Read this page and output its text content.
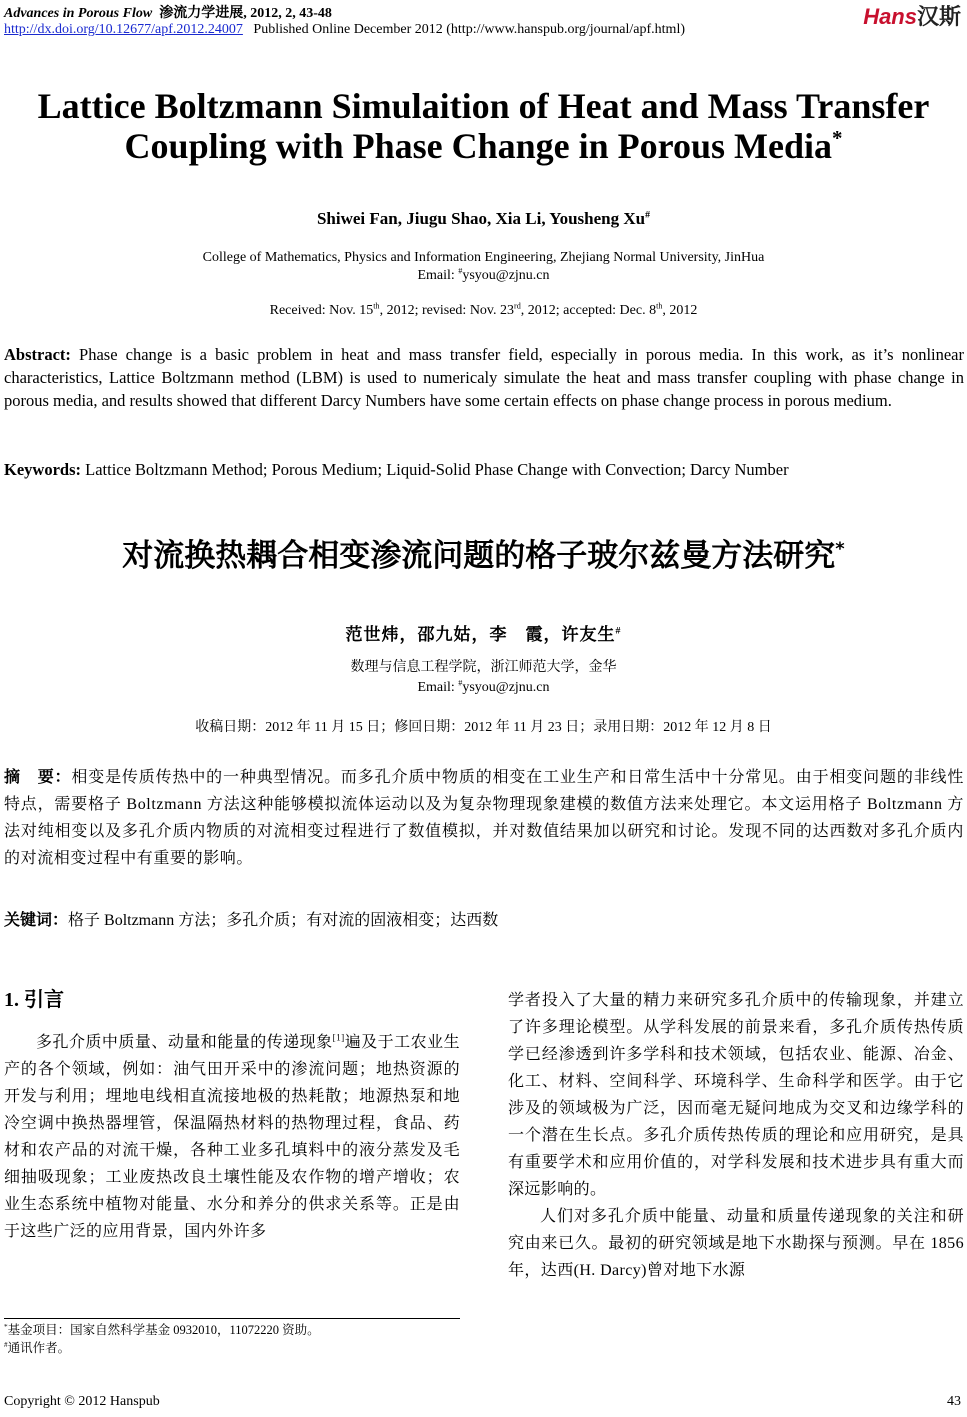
Advances in Porous Flow 渗流力学进展, 2012, 2, 43-48
http://dx.doi.org/10.12677/apf.2012.24007 Published Online December 2012 (http://www.hanspub.org/journal/apf.html)
Hans汉斯
Lattice Boltzmann Simulaition of Heat and Mass Transfer Coupling with Phase Change in Porous Media*
Shiwei Fan, Jiugu Shao, Xia Li, Yousheng Xu#
College of Mathematics, Physics and Information Engineering, Zhejiang Normal University, JinHua
Email: #ysyou@zjnu.cn
Received: Nov. 15th, 2012; revised: Nov. 23rd, 2012; accepted: Dec. 8th, 2012
Abstract: Phase change is a basic problem in heat and mass transfer field, especially in porous media. In this work, as it’s nonlinear characteristics, Lattice Boltzmann method (LBM) is used to numericaly simulate the heat and mass transfer coupling with phase change in porous media, and results showed that different Darcy Numbers have some certain effects on phase change process in porous medium.
Keywords: Lattice Boltzmann Method; Porous Medium; Liquid-Solid Phase Change with Convection; Darcy Number
对流换热耦合相变渗流问题的格子玻尔兹曼方法研究*
范世炜，邵九姑，李　霞，许友生#
数理与信息工程学院，浙江师范大学，金华
Email: #ysyou@zjnu.cn
收稿日期：2012 年 11 月 15 日；修回日期：2012 年 11 月 23 日；录用日期：2012 年 12 月 8 日
摘　要：相变是传质传热中的一种典型情况。而多孔介质中物质的相变在工业生产和日常生活中十分常见。由于相变问题的非线性特点，需要格子 Boltzmann 方法这种能够模拟流体运动以及为复杂物理现象建模的数值方法来处理它。本文运用格子 Boltzmann 方法对纯相变以及多孔介质内物质的对流相变过程进行了数值模拟，并对数值结果加以研究和讨论。发现不同的达西数对多孔介质内的对流相变过程中有重要的影响。
关键词：格子 Boltzmann 方法；多孔介质；有对流的固液相变；达西数
1. 引言

多孔介质中质量、动量和能量的传递现象[1]遍及于工农业生产的各个领域，例如：油气田开采中的渗流问题；地热资源的开发与利用；埋地电线相直流接地极的热耗散；地源热泵和地冷空调中换热器埋管，保温隔热材料的热物理过程，食品、药材和农产品的对流干燥，各种工业多孔填料中的液分蒸发及毛细抽吸现象；工业废热改良土壤性能及农作物的增产增收；农业生态系统中植物对能量、水分和养分的供求关系等。正是由于这些广泛的应用背景，国内外许多

学者投入了大量的精力来研究多孔介质中的传输现象，并建立了许多理论模型。从学科发展的前景来看，多孔介质传热传质学已经渗透到许多学科和技术领域，包括农业、能源、冶金、化工、材料、空间科学、环境科学、生命科学和医学。由于它涉及的领域极为广泛，因而毫无疑问地成为交叉和边缘学科的一个潜在生长点。多孔介质传热传质的理论和应用研究，是具有重要学术和应用价值的，对学科发展和技术进步具有重大而深远影响的。

人们对多孔介质中能量、动量和质量传递现象的关注和研究由来已久。最初的研究领域是地下水勘探与预测。早在 1856 年，达西(H. Darcy)曾对地下水源

*基金项目：国家自然科学基金 0932010，11072220 资助。
#通讯作者。
Copyright © 2012 Hanspub	43
